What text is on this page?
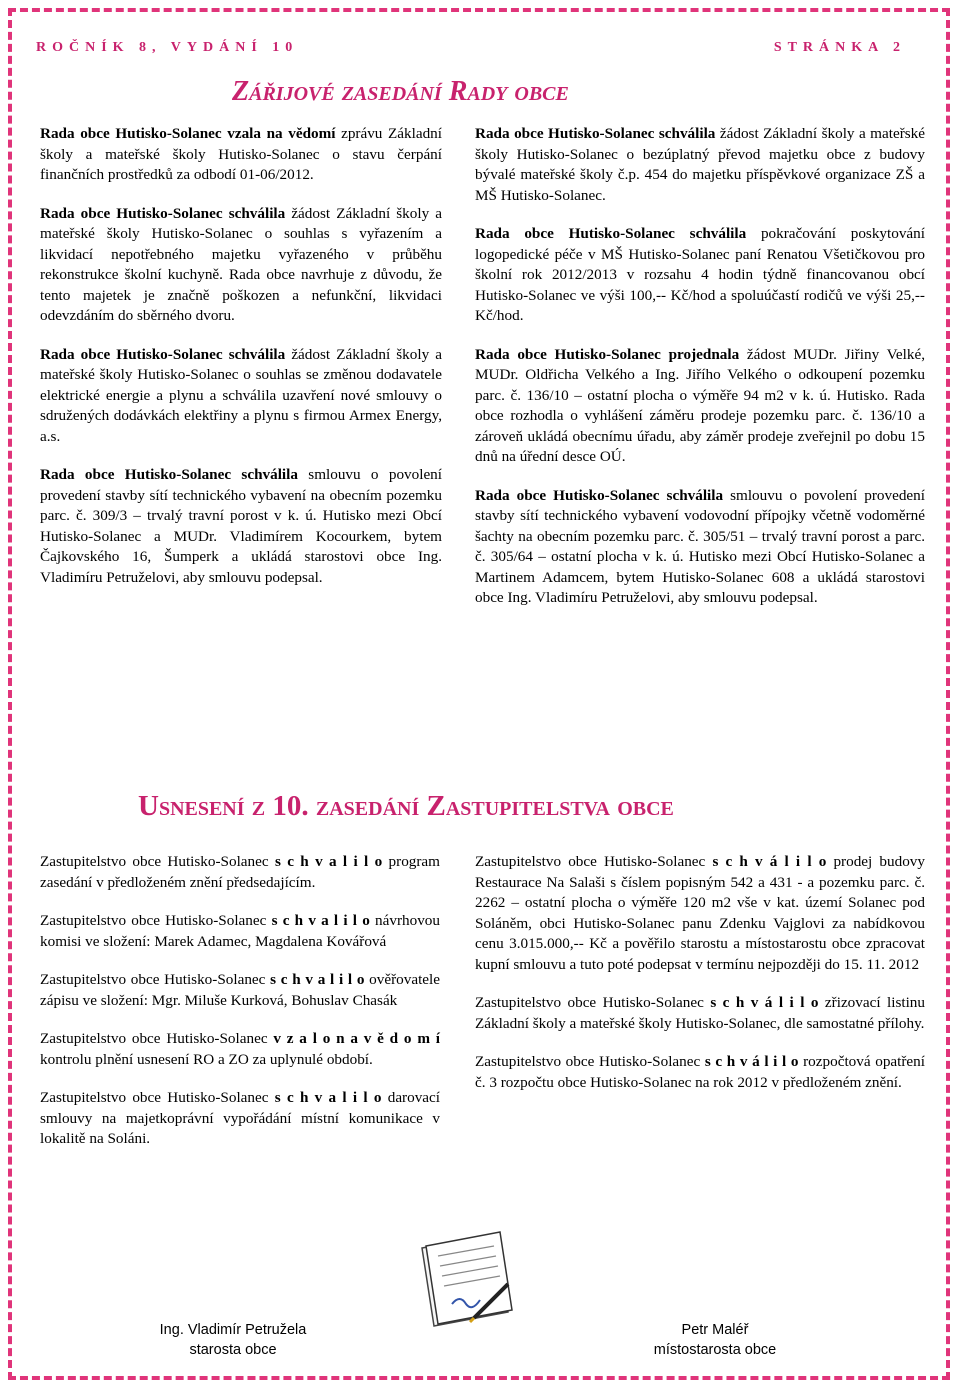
ROČNÍK 8, VYDÁNÍ 10	STRÁNKA 2
Zářijové zasedání Rady obce

Rada obce Hutisko-Solanec vzala na vědomí zprávu Základní školy a mateřské školy Hutisko-Solanec o stavu čerpání finančních prostředků za odbodí 01-06/2012.

Rada obce Hutisko-Solanec schválila žádost Základní školy a mateřské školy Hutisko-Solanec o souhlas s vyřazením a likvidací nepotřebného majetku vyřazeného v průběhu rekonstrukce školní kuchyně. Rada obce navrhuje z důvodu, že tento majetek je značně poškozen a nefunkční, likvidaci odevzdáním do sběrného dvoru.

Rada obce Hutisko-Solanec schválila žádost Základní školy a mateřské školy Hutisko-Solanec o souhlas se změnou dodavatele elektrické energie a plynu a schválila uzavření nové smlouvy o sdružených dodávkách elektřiny a plynu s firmou Armex Energy, a.s.

Rada obce Hutisko-Solanec schválila smlouvu o povolení provedení stavby sítí technického vybavení na obecním pozemku parc. č. 309/3 – trvalý travní porost v k. ú. Hutisko mezi Obcí Hutisko-Solanec a MUDr. Vladimírem Kocourkem, bytem Čajkovského 16, Šumperk a ukládá starostovi obce Ing. Vladimíru Petruželovi, aby smlouvu podepsal.

Rada obce Hutisko-Solanec schválila žádost Základní školy a mateřské školy Hutisko-Solanec o bezúplatný převod majetku obce z budovy bývalé mateřské školy č.p. 454 do majetku příspěvkové organizace ZŠ a MŠ Hutisko-Solanec.

Rada obce Hutisko-Solanec schválila pokračování poskytování logopedické péče v MŠ Hutisko-Solanec paní Renatou Všetičkovou pro školní rok 2012/2013 v rozsahu 4 hodin týdně financovanou obcí Hutisko-Solanec ve výši 100,-- Kč/hod a spoluúčastí rodičů ve výši 25,-- Kč/hod.

Rada obce Hutisko-Solanec projednala žádost MUDr. Jiřiny Velké, MUDr. Oldřicha Velkého a Ing. Jiřího Velkého o odkoupení pozemku parc. č. 136/10 – ostatní plocha o výměře 94 m2 v k. ú. Hutisko. Rada obce rozhodla o vyhlášení záměru prodeje pozemku parc. č. 136/10 a zároveň ukládá obecnímu úřadu, aby záměr prodeje zveřejnil po dobu 15 dnů na úřední desce OÚ.

Rada obce Hutisko-Solanec schválila smlouvu o povolení provedení stavby sítí technického vybavení vodovodní přípojky včetně vodoměrné šachty na obecním pozemku parc. č. 305/51 – trvalý travní porost a parc. č. 305/64 – ostatní plocha v k. ú. Hutisko mezi Obcí Hutisko-Solanec a Martinem Adamcem, bytem Hutisko-Solanec 608 a ukládá starostovi obce Ing. Vladimíru Petruželovi, aby smlouvu podepsal.

Usnesení z 10. zasedání Zastupitelstva obce

Zastupitelstvo obce Hutisko-Solanec s c h v a l i l o program zasedání v předloženém znění předsedajícím.

Zastupitelstvo obce Hutisko-Solanec s c h v a l i l o návrhovou komisi ve složení: Marek Adamec, Magdalena Kovářová

Zastupitelstvo obce Hutisko-Solanec s c h v a l i l o ověřovatele zápisu ve složení: Mgr. Miluše Kurková, Bohuslav Chasák

Zastupitelstvo obce Hutisko-Solanec v z a l o n a v ě d o m í kontrolu plnění usnesení RO a ZO za uplynulé období.

Zastupitelstvo obce Hutisko-Solanec s c h v a l i l o darovací smlouvy na majetkoprávní vypořádání místní komunikace v lokalitě na Soláni.

Zastupitelstvo obce Hutisko-Solanec s c h v á l i l o prodej budovy Restaurace Na Salaši s číslem popisným 542 a 431 - a pozemku parc. č. 2262 – ostatní plocha o výměře 120 m2 vše v kat. území Solanec pod Soláněm, obci Hutisko-Solanec panu Zdenku Vajglovi za nabídkovou cenu 3.015.000,-- Kč a pověřilo starostu a místostarostu obce zpracovat kupní smlouvu a tuto poté podepsat v termínu nejpozději do 15. 11. 2012

Zastupitelstvo obce Hutisko-Solanec s c h v á l i l o zřizovací listinu Základní školy a mateřské školy Hutisko-Solanec, dle samostatné přílohy.

Zastupitelstvo obce Hutisko-Solanec s c h v á l i l o rozpočtová opatření č. 3 rozpočtu obce Hutisko-Solanec na rok 2012 v předloženém znění.

Ing. Vladimír Petružela
starosta obce
Petr Maléř
místostarosta obce
